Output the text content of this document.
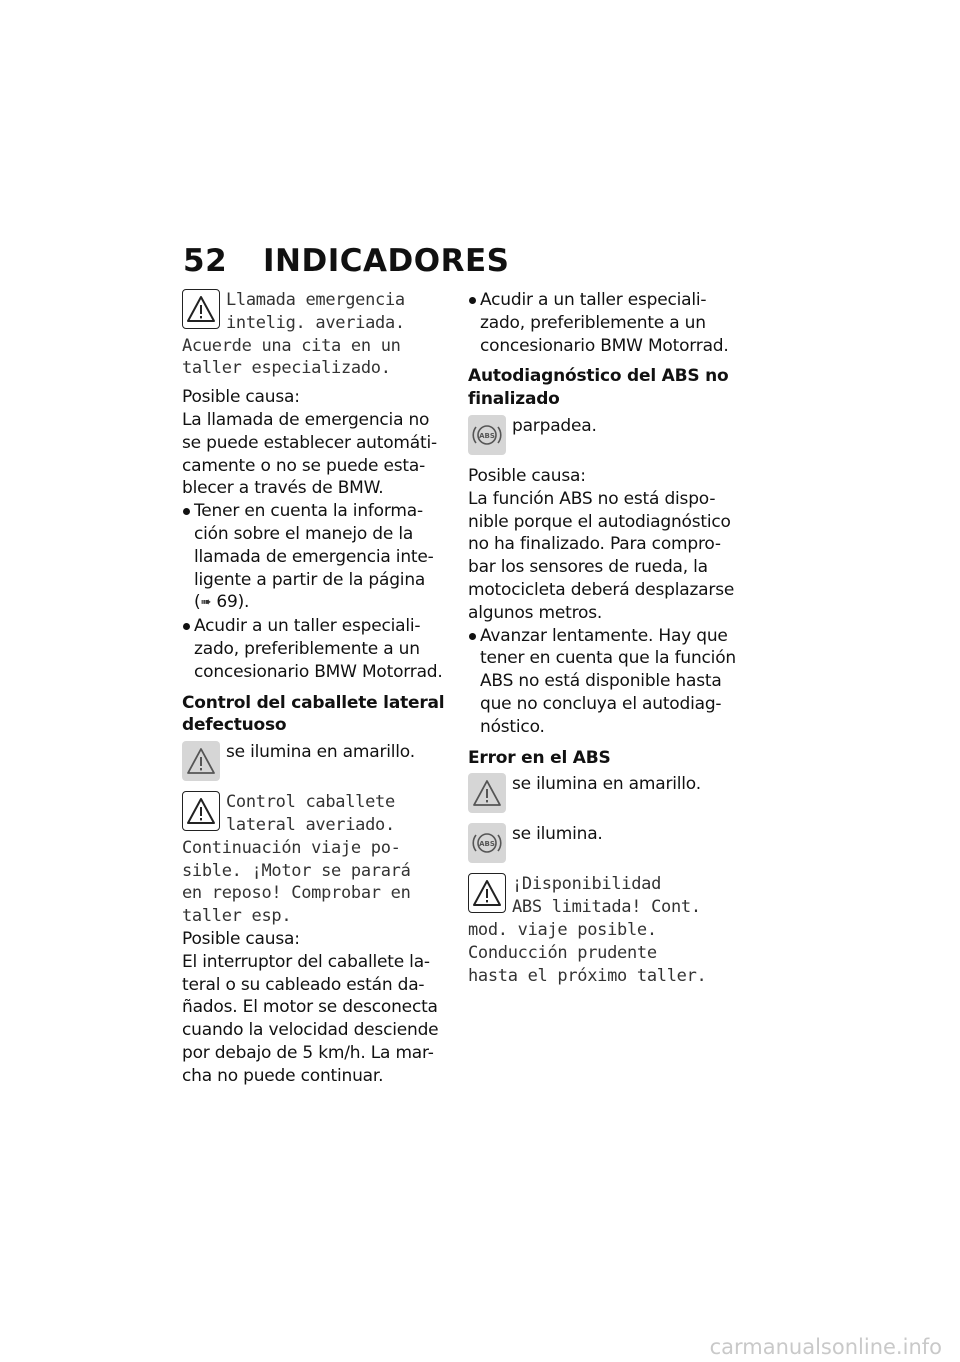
52 INDICADORES
Llamada emergencia
intelig. averiada.
Acuerde una cita en un
taller especializado.
Posible causa:
La llamada de emergencia no
se puede establecer automáti-
camente o no se puede esta-
blecer a través de BMW.
Tener en cuenta la informa-
ción sobre el manejo de la
llamada de emergencia inte-
ligente a partir de la página
(➠ 69).
Acudir a un taller especiali-
zado, preferiblemente a un
concesionario BMW Motorrad.
Control del caballete lateral
defectuoso
se ilumina en amarillo.
Control caballete
lateral averiado.
Continuación viaje po-
sible. ¡Motor se parará
en reposo! Comprobar en
taller esp.
Posible causa:
El interruptor del caballete la-
teral o su cableado están da-
ñados. El motor se desconecta
cuando la velocidad desciende
por debajo de 5 km/h. La mar-
cha no puede continuar.
Acudir a un taller especiali-
zado, preferiblemente a un
concesionario BMW Motorrad.
Autodiagnóstico del ABS no
finalizado
ABS parpadea.
Posible causa:
La función ABS no está dispo-
nible porque el autodiagnóstico
no ha finalizado. Para compro-
bar los sensores de rueda, la
motocicleta deberá desplazarse
algunos metros.
Avanzar lentamente. Hay que
tener en cuenta que la función
ABS no está disponible hasta
que no concluya el autodiag-
nóstico.
Error en el ABS
se ilumina en amarillo.
ABS se ilumina.
¡Disponibilidad
ABS limitada! Cont.
mod. viaje posible.
Conducción prudente
hasta el próximo taller.
carmanualsonline.info
